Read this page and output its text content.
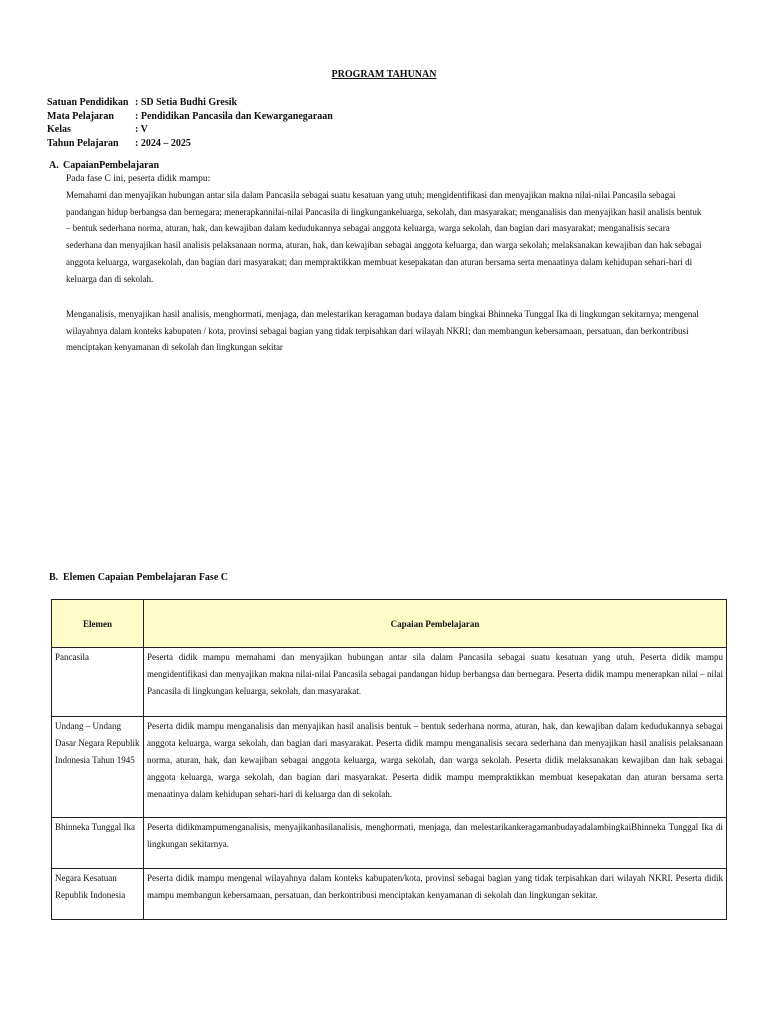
PROGRAM TAHUNAN
Satuan Pendidikan : SD Setia Budhi Gresik
Mata Pelajaran : Pendidikan Pancasila dan Kewarganegaraan
Kelas	: V
Tahun Pelajaran : 2024 – 2025
A. CapaianPembelajaran
Pada fase C ini, peserta didik mampu:
Memahami dan menyajikan hubungan antar sila dalam Pancasila sebagai suatu kesatuan yang utuh; mengidentifikasi dan menyajikan makna nilai-nilai Pancasila sebagai pandangan hidup berbangsa dan bernegara; menerapkannilai-nilai Pancasila di lingkungankeluarga, sekolah, dan masyarakat; menganalisis dan menyajikan hasil analisis bentuk – bentuk sederhana norma, aturan, hak, dan kewajiban dalam kedudukannya sebagai anggota keluarga, warga sekolah, dan bagian dari masyarakat; menganalisis secara sederhana dan menyajikan hasil analisis pelaksanaan norma, aturan, hak, dan kewajiban sebagai anggota keluarga, dan warga sekolah; melaksanakan kewajiban dan hak sebagai anggota keluarga, wargasekolah, dan bagian dari masyarakat; dan mempraktikkan membuat kesepakatan dan aturan bersama serta menaatinya dalam kehidupan sehari-hari di keluarga dan di sekolah.
Menganalisis, menyajikan hasil analisis, menghormati, menjaga, dan melestarikan keragaman budaya dalam bingkai Bhinneka Tunggal Ika di lingkungan sekitarnya; mengenal wilayahnya dalam konteks kabupaten / kota, provinsi sebagai bagian yang tidak terpisahkan dari wilayah NKRI; dan membangun kebersamaan, persatuan, dan berkontribusi menciptakan kenyamanan di sekolah dan lingkungan sekitar
B. Elemen Capaian Pembelajaran Fase C
Elemen	Capaian Pembelajaran
Pancasila	Peserta didik mampu memahami dan menyajikan hubungan antar sila dalam Pancasila sebagai suatu kesatuan yang utuh. Peserta didik mampu mengidentifikasi dan menyajikan makna nilai-nilai Pancasila sebagai pandangan hidup berbangsa dan bernegara. Peserta didik mampu menerapkan nilai – nilai Pancasila di lingkungan keluarga, sekolah, dan masyarakat.
Undang – Undang Dasar Negara Republik Indonesia Tahun 1945	Peserta didik mampu menganalisis dan menyajikan hasil analisis bentuk – bentuk sederhana norma, aturan, hak, dan kewajiban dalam kedudukannya sebagai anggota keluarga, warga sekolah, dan bagian dari masyarakat. Peserta didik mampu menganalisis secara sederhana dan menyajikan hasil analisis pelaksanaan norma, aturan, hak, dan kewajiban sebagai anggota keluarga, warga sekolah, dan warga sekolah. Peserta didik melaksanakan kewajiban dan hak sebagai anggota keluarga, warga sekolah, dan bagian dari masyarakat. Peserta didik mampu mempraktikkan membuat kesepakatan dan aturan bersama serta menaatinya dalam kehidupan sehari-hari di keluarga dan di sekolah.
Bhinneka Tunggal Ika	Peserta didikmampumenganalisis, menyajikanhasilanalisis, menghormati, menjaga, dan melestarikankeragamanbudayadalambingkaiBhinneka Tunggal Ika di lingkungan sekitarnya.
Negara Kesatuan Republik Indonesia	Peserta didik mampu mengenal wilayahnya dalam konteks kabupaten/kota, provinsi sebagai bagian yang tidak terpisahkan dari wilayah NKRI. Peserta didik mampu membangun kebersamaan, persatuan, dan berkontribusi menciptakan kenyamanan di sekolah dan lingkungan sekitar.
